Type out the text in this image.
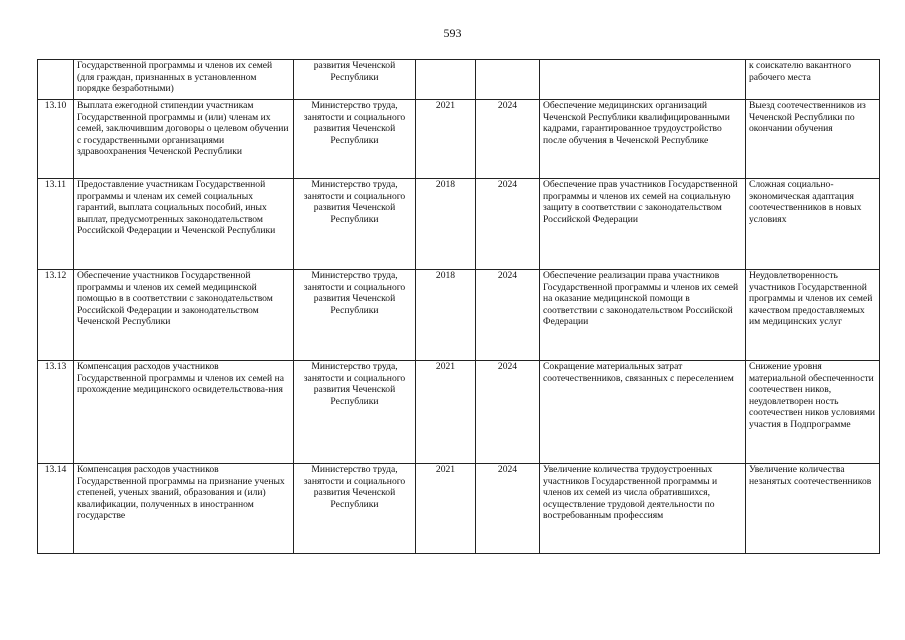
593
	Государственной программы и членов их семей (для граждан, признанных в установленном порядке безработными)	развития Чеченской Республики				к соискателю вакантного рабочего места
13.10	Выплата ежегодной стипендии участникам Государственной программы и (или) членам их семей, заключившим договоры о целевом обучении с государственными организациями здравоохранения Чеченской Республики	Министерство труда, занятости и социального развития Чеченской Республики	2021	2024	Обеспечение медицинских организаций Чеченской Республики квалифицированными кадрами, гарантированное трудоустройство после обучения в Чеченской Республике	Выезд соотечественников из Чеченской Республики по окончании обучения
13.11	Предоставление участникам Государственной программы и членам их семей социальных гарантий, выплата социальных пособий, иных выплат, предусмотренных законодательством Российской Федерации и Чеченской Республики	Министерство труда, занятости и социального развития Чеченской Республики	2018	2024	Обеспечение прав участников Государственной программы и членов их семей на социальную защиту в соответствии с законодательством Российской Федерации	Сложная социально-экономическая адаптация соотечественников в новых условиях
13.12	Обеспечение участников Государственной программы и членов их семей медицинской помощью в в соответствии с законодательством Российской Федерации и законодательством Чеченской Республики	Министерство труда, занятости и социального развития Чеченской Республики	2018	2024	Обеспечение реализации права участников Государственной программы и членов их семей на оказание медицинской помощи в соответствии с законодательством Российской Федерации	Неудовлетворенность участников Государственной программы и членов их семей качеством предоставляемых им медицинских услуг
13.13	Компенсация расходов участников Государственной программы и членов их семей на прохождение медицинского освидетельствова-ния	Министерство труда, занятости и социального развития Чеченской Республики	2021	2024	Сокращение материальных затрат соотечественников, связанных с переселением	Снижение уровня материальной обеспеченности соотечествен ников, неудовлетворен ность соотечествен ников условиями участия в Подпрограмме
13.14	Компенсация расходов участников Государственной программы на признание ученых степеней, ученых званий, образования и (или) квалификации, полученных в иностранном государстве	Министерство труда, занятости и социального развития Чеченской Республики	2021	2024	Увеличение количества трудоустроенных участников Государственной программы и членов их семей из числа обратившихся, осуществление трудовой деятельности по востребованным профессиям	Увеличение количества незанятых соотечественников
